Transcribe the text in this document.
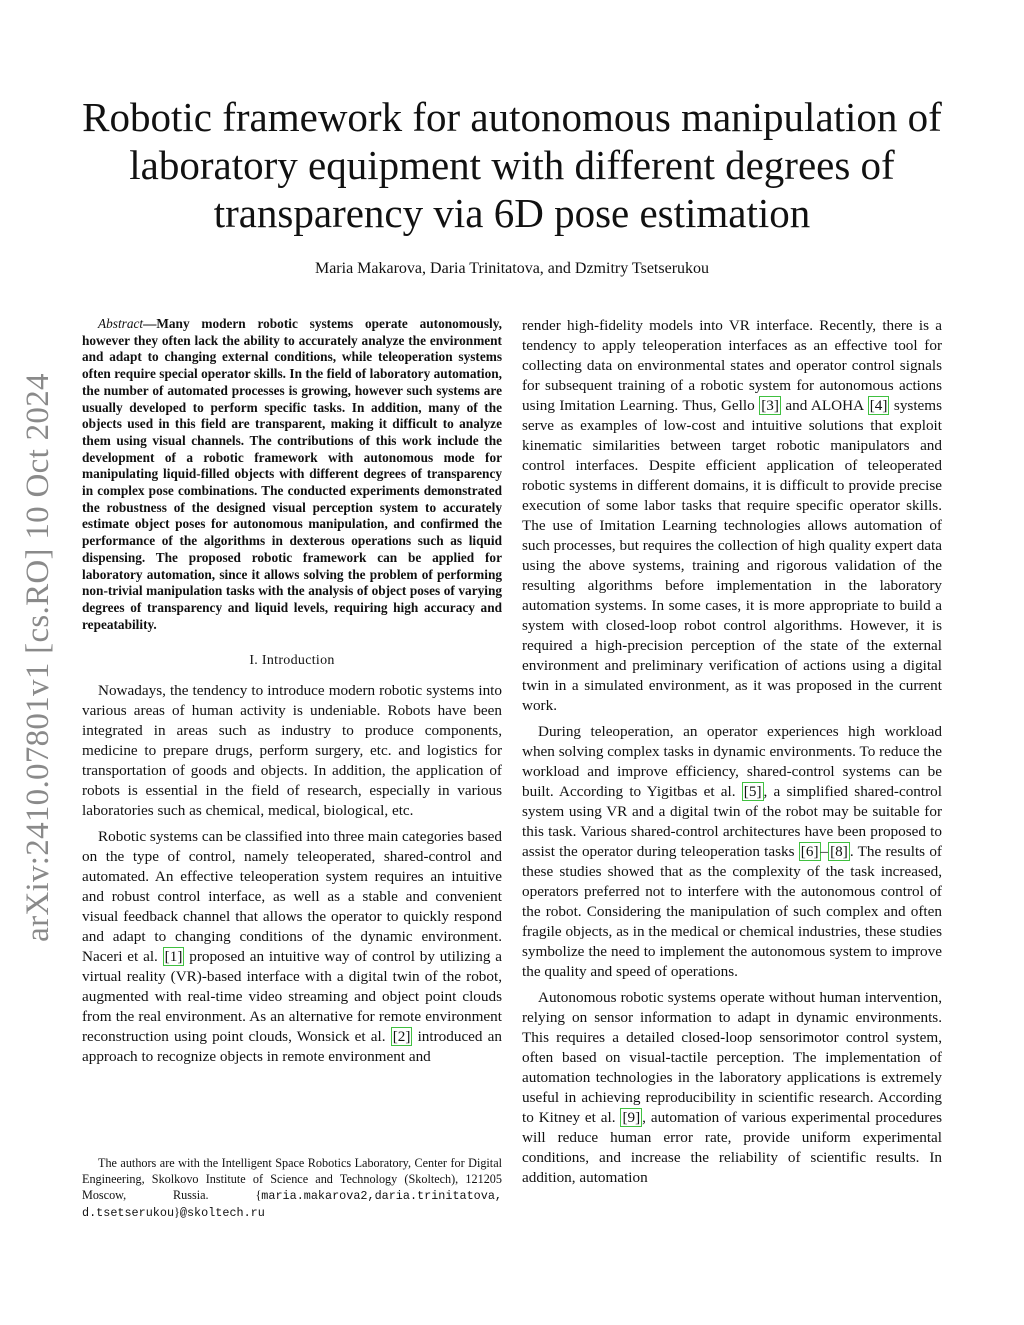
arXiv:2410.07801v1 [cs.RO] 10 Oct 2024
Robotic framework for autonomous manipulation of
laboratory equipment with different degrees of
transparency via 6D pose estimation
Maria Makarova, Daria Trinitatova, and Dzmitry Tsetserukou

Abstract—Many modern robotic systems operate autonomously, however they often lack the ability to accurately analyze the environment and adapt to changing external conditions, while teleoperation systems often require special operator skills. In the field of laboratory automation, the number of automated processes is growing, however such systems are usually developed to perform specific tasks. In addition, many of the objects used in this field are transparent, making it difficult to analyze them using visual channels. The contributions of this work include the development of a robotic framework with autonomous mode for manipulating liquid-filled objects with different degrees of transparency in complex pose combinations. The conducted experiments demonstrated the robustness of the designed visual perception system to accurately estimate object poses for autonomous manipulation, and confirmed the performance of the algorithms in dexterous operations such as liquid dispensing. The proposed robotic framework can be applied for laboratory automation, since it allows solving the problem of performing non-trivial manipulation tasks with the analysis of object poses of varying degrees of transparency and liquid levels, requiring high accuracy and repeatability.

I. Introduction

Nowadays, the tendency to introduce modern robotic systems into various areas of human activity is undeniable. Robots have been integrated in areas such as industry to produce components, medicine to prepare drugs, perform surgery, etc. and logistics for transportation of goods and objects. In addition, the application of robots is essential in the field of research, especially in various laboratories such as chemical, medical, biological, etc.

Robotic systems can be classified into three main categories based on the type of control, namely teleoperated, shared-control and automated. An effective teleoperation system requires an intuitive and robust control interface, as well as a stable and convenient visual feedback channel that allows the operator to quickly respond and adapt to changing conditions of the dynamic environment. Naceri et al. [1] proposed an intuitive way of control by utilizing a virtual reality (VR)-based interface with a digital twin of the robot, augmented with real-time video streaming and object point clouds from the real environment. As an alternative for remote environment reconstruction using point clouds, Wonsick et al. [2] introduced an approach to recognize objects in remote environment and

render high-fidelity models into VR interface. Recently, there is a tendency to apply teleoperation interfaces as an effective tool for collecting data on environmental states and operator control signals for subsequent training of a robotic system for autonomous actions using Imitation Learning. Thus, Gello [3] and ALOHA [4] systems serve as examples of low-cost and intuitive solutions that exploit kinematic similarities between target robotic manipulators and control interfaces. Despite efficient application of teleoperated robotic systems in different domains, it is difficult to provide precise execution of some labor tasks that require specific operator skills. The use of Imitation Learning technologies allows automation of such processes, but requires the collection of high quality expert data using the above systems, training and rigorous validation of the resulting algorithms before implementation in the laboratory automation systems. In some cases, it is more appropriate to build a system with closed-loop robot control algorithms. However, it is required a high-precision perception of the state of the external environment and preliminary verification of actions using a digital twin in a simulated environment, as it was proposed in the current work.

During teleoperation, an operator experiences high workload when solving complex tasks in dynamic environments. To reduce the workload and improve efficiency, shared-control systems can be built. According to Yigitbas et al. [5] , a simplified shared-control system using VR and a digital twin of the robot may be suitable for this task. Various shared-control architectures have been proposed to assist the operator during teleoperation tasks [6] – [8] . The results of these studies showed that as the complexity of the task increased, operators preferred not to interfere with the autonomous control of the robot. Considering the manipulation of such complex and often fragile objects, as in the medical or chemical industries, these studies symbolize the need to implement the autonomous system to improve the quality and speed of operations.

Autonomous robotic systems operate without human intervention, relying on sensor information to adapt in dynamic environments. This requires a detailed closed-loop sensorimotor control system, often based on visual-tactile perception. The implementation of automation technologies in the laboratory applications is extremely useful in achieving reproducibility in scientific research. According to Kitney et al. [9] , automation of various experimental procedures will reduce human error rate, provide uniform experimental conditions, and increase the reliability of scientific results. In addition, automation

The authors are with the Intelligent Space Robotics Laboratory, Center for Digital Engineering, Skolkovo Institute of Science and Technology (Skoltech), 121205 Moscow, Russia. {maria.makarova2,daria.trinitatova, d.tsetserukou}@skoltech.ru
